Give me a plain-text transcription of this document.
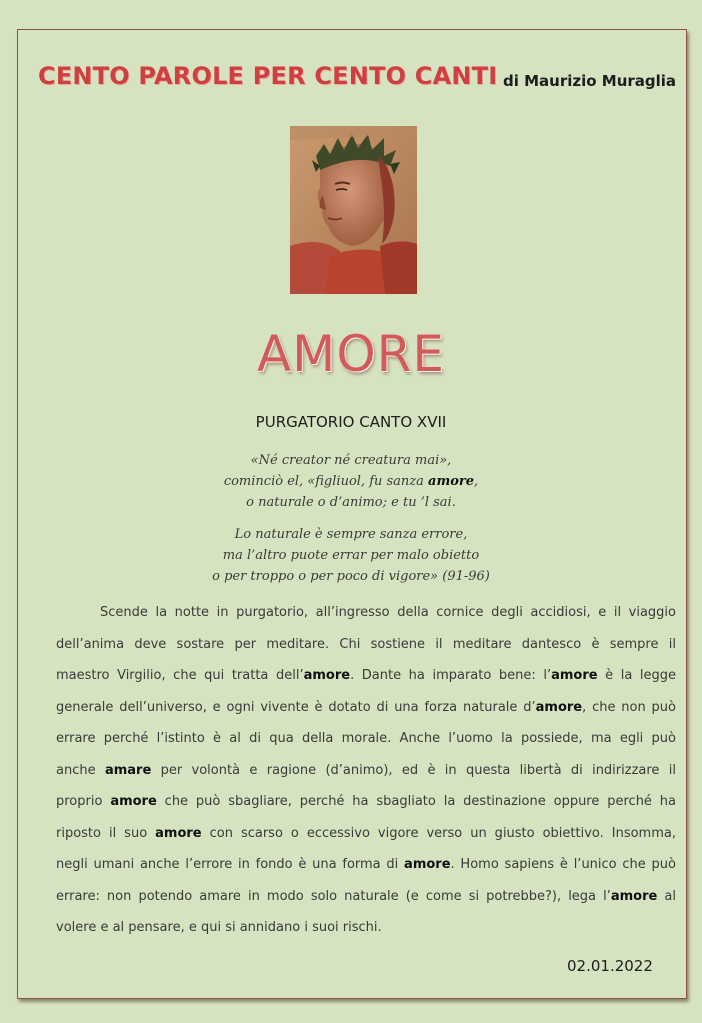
CENTO PAROLE PER CENTO CANTI di Maurizio Muraglia
AMORE
PURGATORIO CANTO XVII
«Né creator né creatura mai»,
cominciò el, «figliuol, fu sanza amore,
o naturale o d’animo; e tu ’l sai.
Lo naturale è sempre sanza errore,
ma l’altro puote errar per malo obietto
o per troppo o per poco di vigore» (91-96)
Scende la notte in purgatorio, all’ingresso della cornice degli accidiosi, e il viaggio
dell’anima deve sostare per meditare. Chi sostiene il meditare dantesco è sempre il
maestro Virgilio, che qui tratta dell’amore. Dante ha imparato bene: l’amore è la legge
generale dell’universo, e ogni vivente è dotato di una forza naturale d’amore, che non può
errare perché l’istinto è al di qua della morale. Anche l’uomo la possiede, ma egli può
anche amare per volontà e ragione (d’animo), ed è in questa libertà di indirizzare il
proprio amore che può sbagliare, perché ha sbagliato la destinazione oppure perché ha
riposto il suo amore con scarso o eccessivo vigore verso un giusto obiettivo. Insomma,
negli umani anche l’errore in fondo è una forma di amore. Homo sapiens è l’unico che può
errare: non potendo amare in modo solo naturale (e come si potrebbe?), lega l’amore al
volere e al pensare, e qui si annidano i suoi rischi.
02.01.2022
